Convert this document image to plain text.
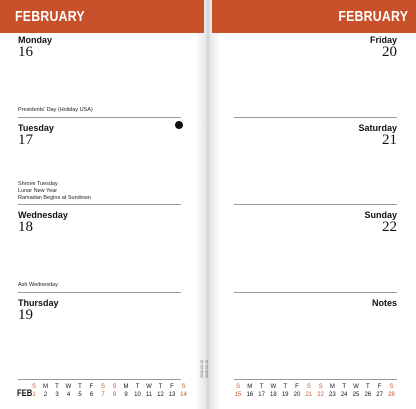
FEBRUARY
Monday
16
Presidents' Day (Holiday USA)
Tuesday
17
Shrove Tuesday
Lunar New Year
Ramadan Begins at Sundown
Wednesday
18
Ash Wednesday
Thursday
19
FEB
S
1
M
2
T
3
W
4
T
5
F
6
S
7
S
8
M
9
T
10
W
11
T
12
F
13
S
14
2026-02-16
FEBRUARY
Friday
20
Saturday
21
Sunday
22
Notes
S
15
M
16
T
17
W
18
T
19
F
20
S
21
S
22
M
23
T
24
W
25
T
26
F
27
S
28
2026-02-16
